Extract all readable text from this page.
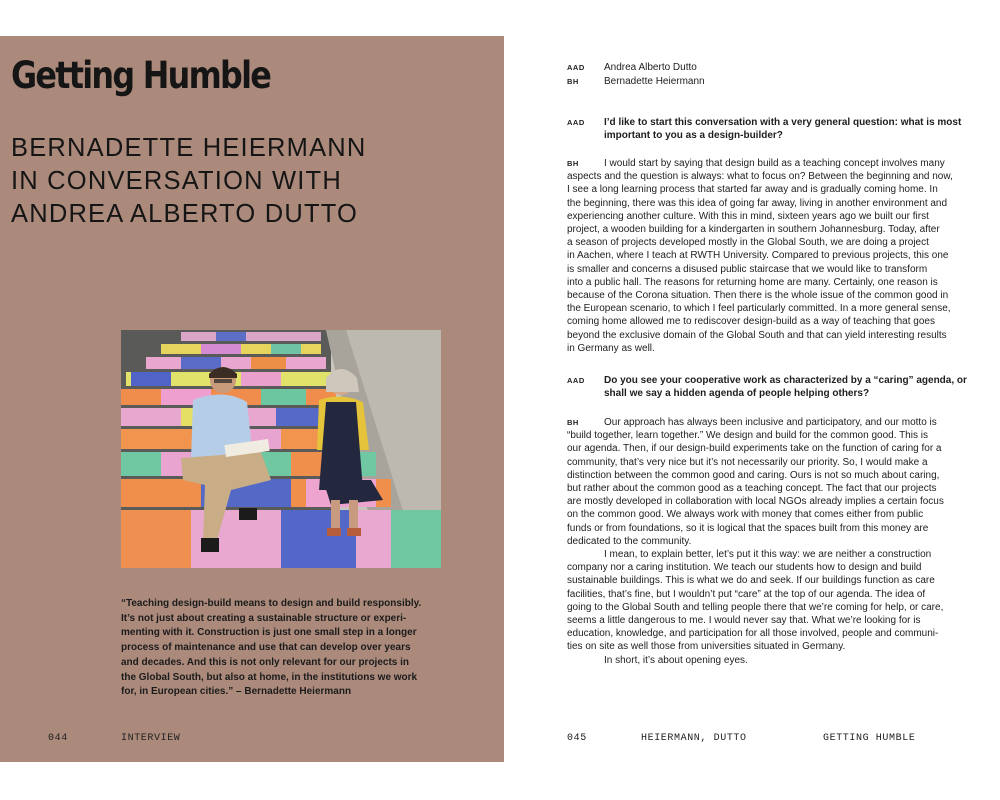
Getting Humble
BERNADETTE HEIERMANN
IN CONVERSATION WITH
ANDREA ALBERTO DUTTO

“Teaching design-build means to design and build responsibly.
It’s not just about creating a sustainable structure or experi-
menting with it. Construction is just one small step in a longer
process of maintenance and use that can develop over years
and decades. And this is not only relevant for our projects in
the Global South, but also at home, in the institutions we work
for, in European cities.” – Bernadette Heiermann

044	INTERVIEW
AAD	Andrea Alberto Dutto
BH	Bernadette Heiermann
AAD	I’d like to start this conversation with a very general question: what is most
important to you as a design-builder?
BH	I would start by saying that design build as a teaching concept involves many
aspects and the question is always: what to focus on? Between the beginning and now,
I see a long learning process that started far away and is gradually coming home. In
the beginning, there was this idea of going far away, living in another environment and
experiencing another culture. With this in mind, sixteen years ago we built our first
project, a wooden building for a kindergarten in southern Johannesburg. Today, after
a season of projects developed mostly in the Global South, we are doing a project
in Aachen, where I teach at RWTH University. Compared to previous projects, this one
is smaller and concerns a disused public staircase that we would like to transform
into a public hall. The reasons for returning home are many. Certainly, one reason is
because of the Corona situation. Then there is the whole issue of the common good in
the European scenario, to which I feel particularly committed. In a more general sense,
coming home allowed me to rediscover design-build as a way of teaching that goes
beyond the exclusive domain of the Global South and that can yield interesting results
in Germany as well.
AAD	Do you see your cooperative work as characterized by a “caring” agenda, or
shall we say a hidden agenda of people helping others?
BH	Our approach has always been inclusive and participatory, and our motto is
“build together, learn together.” We design and build for the common good. This is
our agenda. Then, if our design-build experiments take on the function of caring for a
community, that’s very nice but it’s not necessarily our priority. So, I would make a
distinction between the common good and caring. Ours is not so much about caring,
but rather about the common good as a teaching concept. The fact that our projects
are mostly developed in collaboration with local NGOs already implies a certain focus
on the common good. We always work with money that comes either from public
funds or from foundations, so it is logical that the spaces built from this money are
dedicated to the community.
I mean, to explain better, let’s put it this way: we are neither a construction
company nor a caring institution. We teach our students how to design and build
sustainable buildings. This is what we do and seek. If our buildings function as care
facilities, that’s fine, but I wouldn’t put “care” at the top of our agenda. The idea of
going to the Global South and telling people there that we’re coming for help, or care,
seems a little dangerous to me. I would never say that. What we’re looking for is
education, knowledge, and participation for all those involved, people and communi-
ties on site as well those from universities situated in Germany.
In short, it’s about opening eyes.
045	HEIERMANN, DUTTO	GETTING HUMBLE
